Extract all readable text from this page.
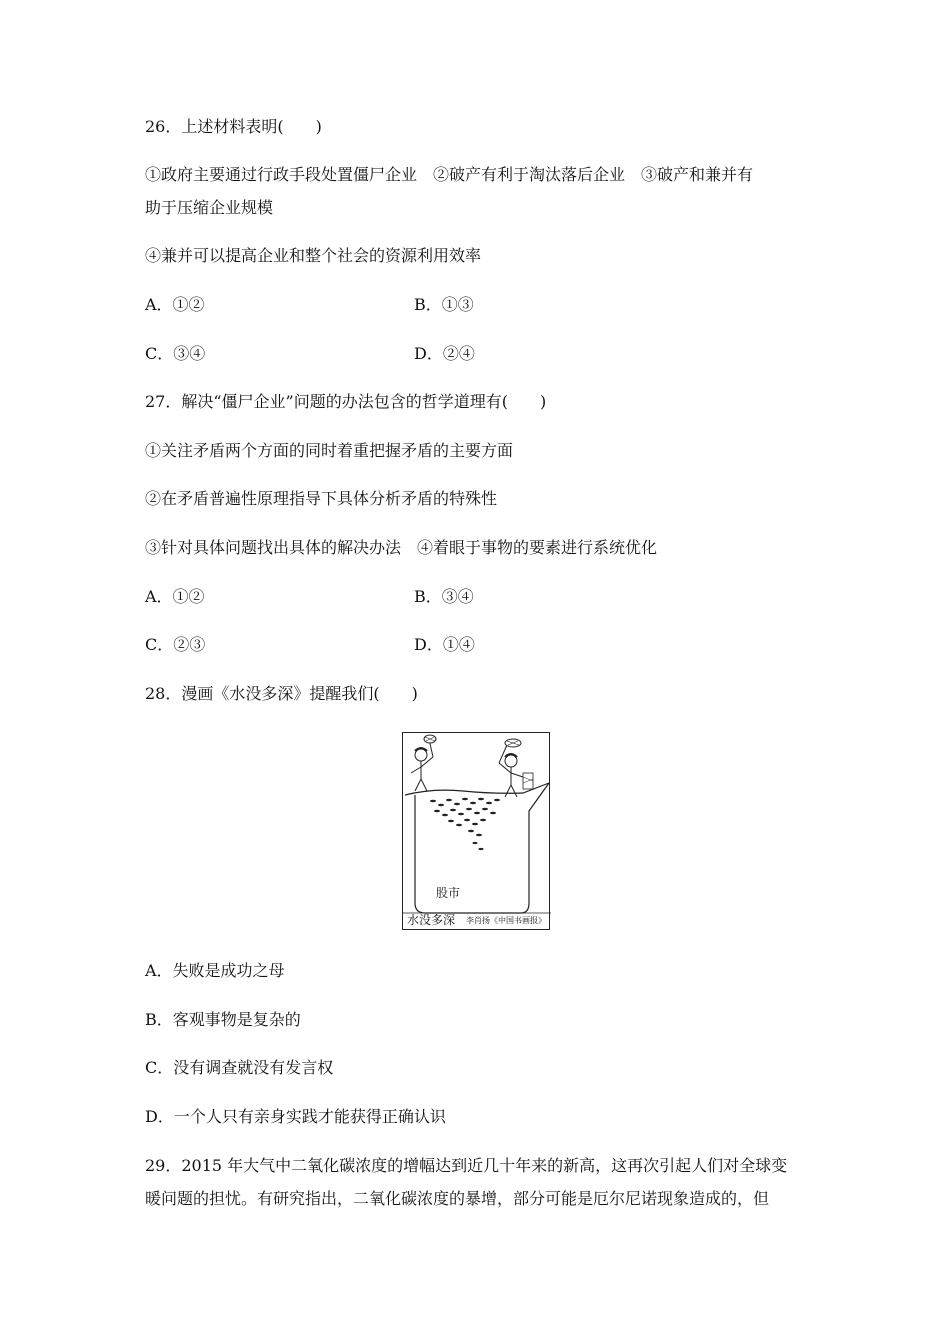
26．上述材料表明(　　)
①政府主要通过行政手段处置僵尸企业　②破产有利于淘汰落后企业　③破产和兼并有
助于压缩企业规模
④兼并可以提高企业和整个社会的资源利用效率
A．①②	B．①③
C．③④	D．②④
27．解决“僵尸企业”问题的办法包含的哲学道理有(　　)
①关注矛盾两个方面的同时着重把握矛盾的主要方面
②在矛盾普遍性原理指导下具体分析矛盾的特殊性
③针对具体问题找出具体的解决办法　④着眼于事物的要素进行系统优化
A．①②	B．③④
C．②③	D．①④
28．漫画《水没多深》提醒我们(　　)
股市
水没多深 李肖扬《中国书画报》
A．失败是成功之母
B．客观事物是复杂的
C．没有调查就没有发言权
D．一个人只有亲身实践才能获得正确认识
29．2015 年大气中二氧化碳浓度的增幅达到近几十年来的新高，这再次引起人们对全球变
暖问题的担忧。有研究指出，二氧化碳浓度的暴增，部分可能是厄尔尼诺现象造成的，但
